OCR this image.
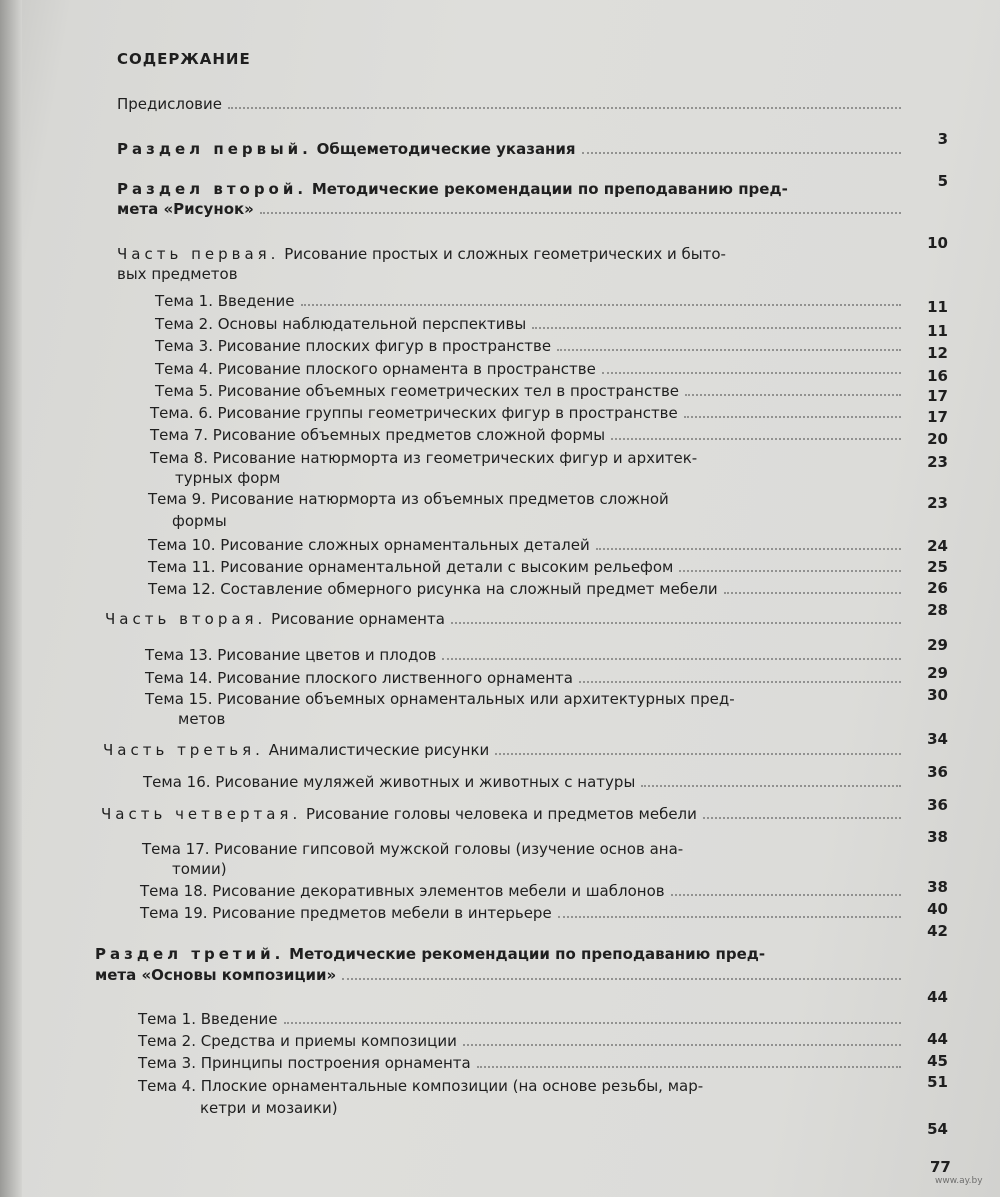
СОДЕРЖАНИЕ
Предисловие
3
Раздел первый. Общеметодические указания
5
Раздел второй. Методические рекомендации по преподаванию пред-
мета «Рисунок»
10
Часть первая. Рисование простых и сложных геометрических и быто-
вых предметов
11
Тема 1. Введение
11
Тема 2. Основы наблюдательной перспективы
12
Тема 3. Рисование плоских фигур в пространстве
16
Тема 4. Рисование плоского орнамента в пространстве
17
Тема 5. Рисование объемных геометрических тел в пространстве
17
Тема. 6. Рисование группы геометрических фигур в пространстве
20
Тема 7. Рисование объемных предметов сложной формы
23
Тема 8. Рисование натюрморта из геометрических фигур и архитек-
турных форм
23
Тема 9. Рисование натюрморта из объемных предметов сложной
формы
24
Тема 10. Рисование сложных орнаментальных деталей
25
Тема 11. Рисование орнаментальной детали с высоким рельефом
26
Тема 12. Составление обмерного рисунка на сложный предмет мебели
28
Часть вторая. Рисование орнамента
29
Тема 13. Рисование цветов и плодов
29
Тема 14. Рисование плоского лиственного орнамента
30
Тема 15. Рисование объемных орнаментальных или архитектурных пред-
метов
34
Часть третья. Анималистические рисунки
36
Тема 16. Рисование муляжей животных и животных с натуры
36
Часть четвертая. Рисование головы человека и предметов мебели
38
Тема 17. Рисование гипсовой мужской головы (изучение основ ана-
томии)
38
Тема 18. Рисование декоративных элементов мебели и шаблонов
40
Тема 19. Рисование предметов мебели в интерьере
42
Раздел третий. Методические рекомендации по преподаванию пред-
мета «Основы композиции»
44
Тема 1. Введение
44
Тема 2. Средства и приемы композиции
45
Тема 3. Принципы построения орнамента
51
Тема 4. Плоские орнаментальные композиции (на основе резьбы, мар-
кетри и мозаики)
54
77
www.ay.by
